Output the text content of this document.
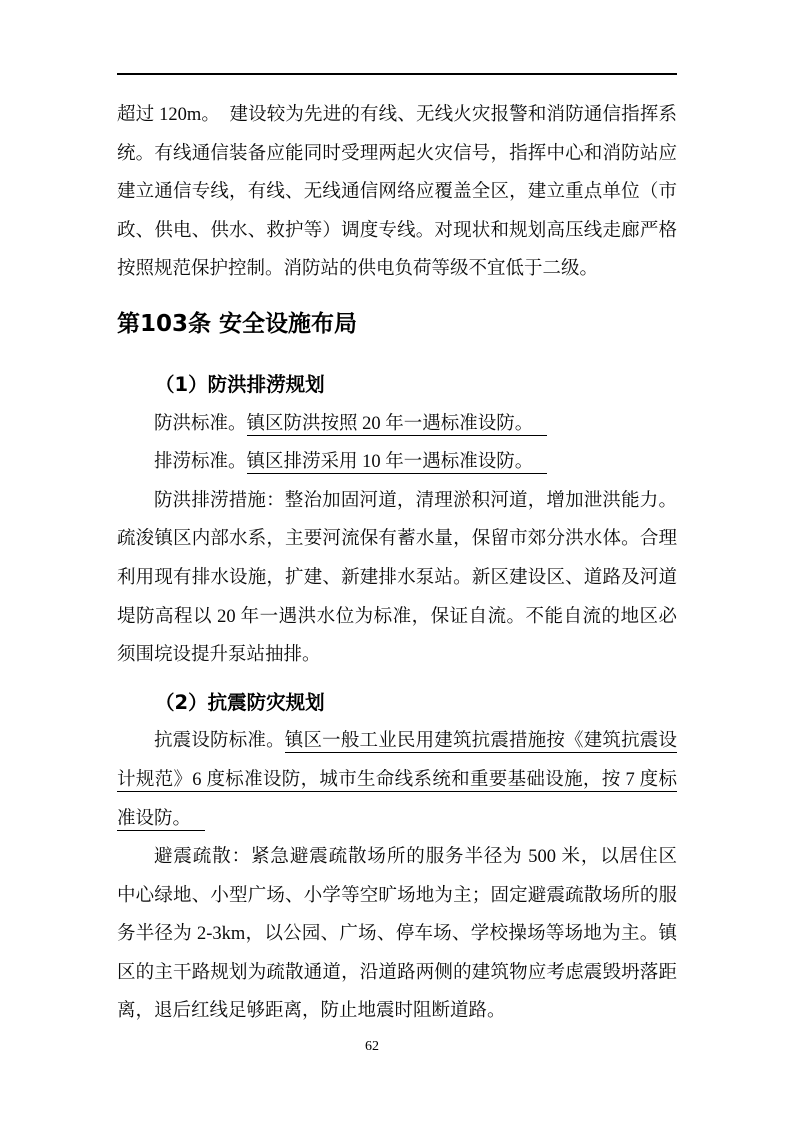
超过 120m。　建设较为先进的有线、无线火灾报警和消防通信指挥系
统。有线通信装备应能同时受理两起火灾信号，指挥中心和消防站应
建立通信专线，有线、无线通信网络应覆盖全区，建立重点单位（市
政、供电、供水、救护等）调度专线。对现状和规划高压线走廊严格
按照规范保护控制。消防站的供电负荷等级不宜低于二级。
第103条 安全设施布局
（1）防洪排涝规划
防洪标准。镇区防洪按照 20 年一遇标准设防。
排涝标准。镇区排涝采用 10 年一遇标准设防。
防洪排涝措施：整治加固河道，清理淤积河道，增加泄洪能力。
疏浚镇区内部水系，主要河流保有蓄水量，保留市郊分洪水体。合理
利用现有排水设施，扩建、新建排水泵站。新区建设区、道路及河道
堤防高程以 20 年一遇洪水位为标准，保证自流。不能自流的地区必
须围垸设提升泵站抽排。
（2）抗震防灾规划
抗震设防标准。镇区一般工业民用建筑抗震措施按《建筑抗震设
计规范》6 度标准设防，城市生命线系统和重要基础设施，按 7 度标
准设防。
避震疏散：紧急避震疏散场所的服务半径为 500 米，以居住区
中心绿地、小型广场、小学等空旷场地为主；固定避震疏散场所的服
务半径为 2-3km，以公园、广场、停车场、学校操场等场地为主。镇
区的主干路规划为疏散通道，沿道路两侧的建筑物应考虑震毁坍落距
离，退后红线足够距离，防止地震时阻断道路。
62
